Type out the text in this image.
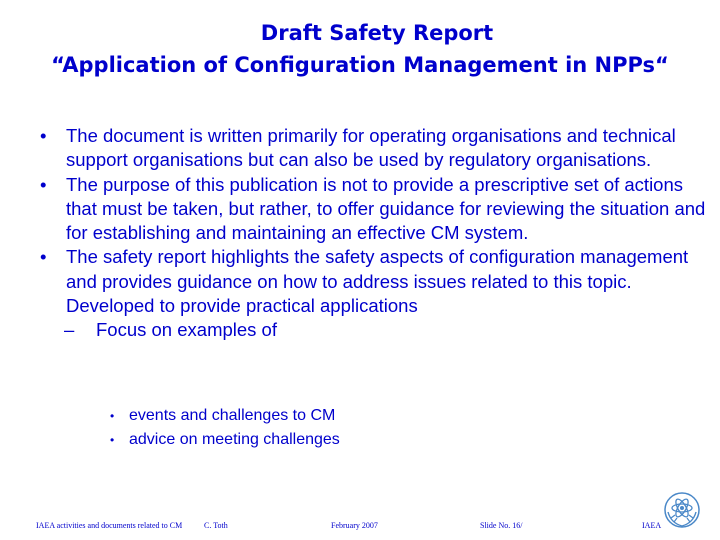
Draft Safety Report
“Application of Configuration Management in NPPs“
• The document is written primarily for operating organisations and technical support organisations but can also be used by regulatory organisations.
• The purpose of this publication is not to provide a prescriptive set of actions that must be taken, but rather, to offer guidance for reviewing the situation and for establishing and maintaining an effective CM system.
• The safety report highlights the safety aspects of configuration management and provides guidance on how to address issues related to this topic. Developed to provide practical applications
– Focus on examples of
• events and challenges to CM
• advice on meeting challenges
IAEA activities and documents related to CM	C. Toth	February 2007	Slide No. 16/	IAEA
